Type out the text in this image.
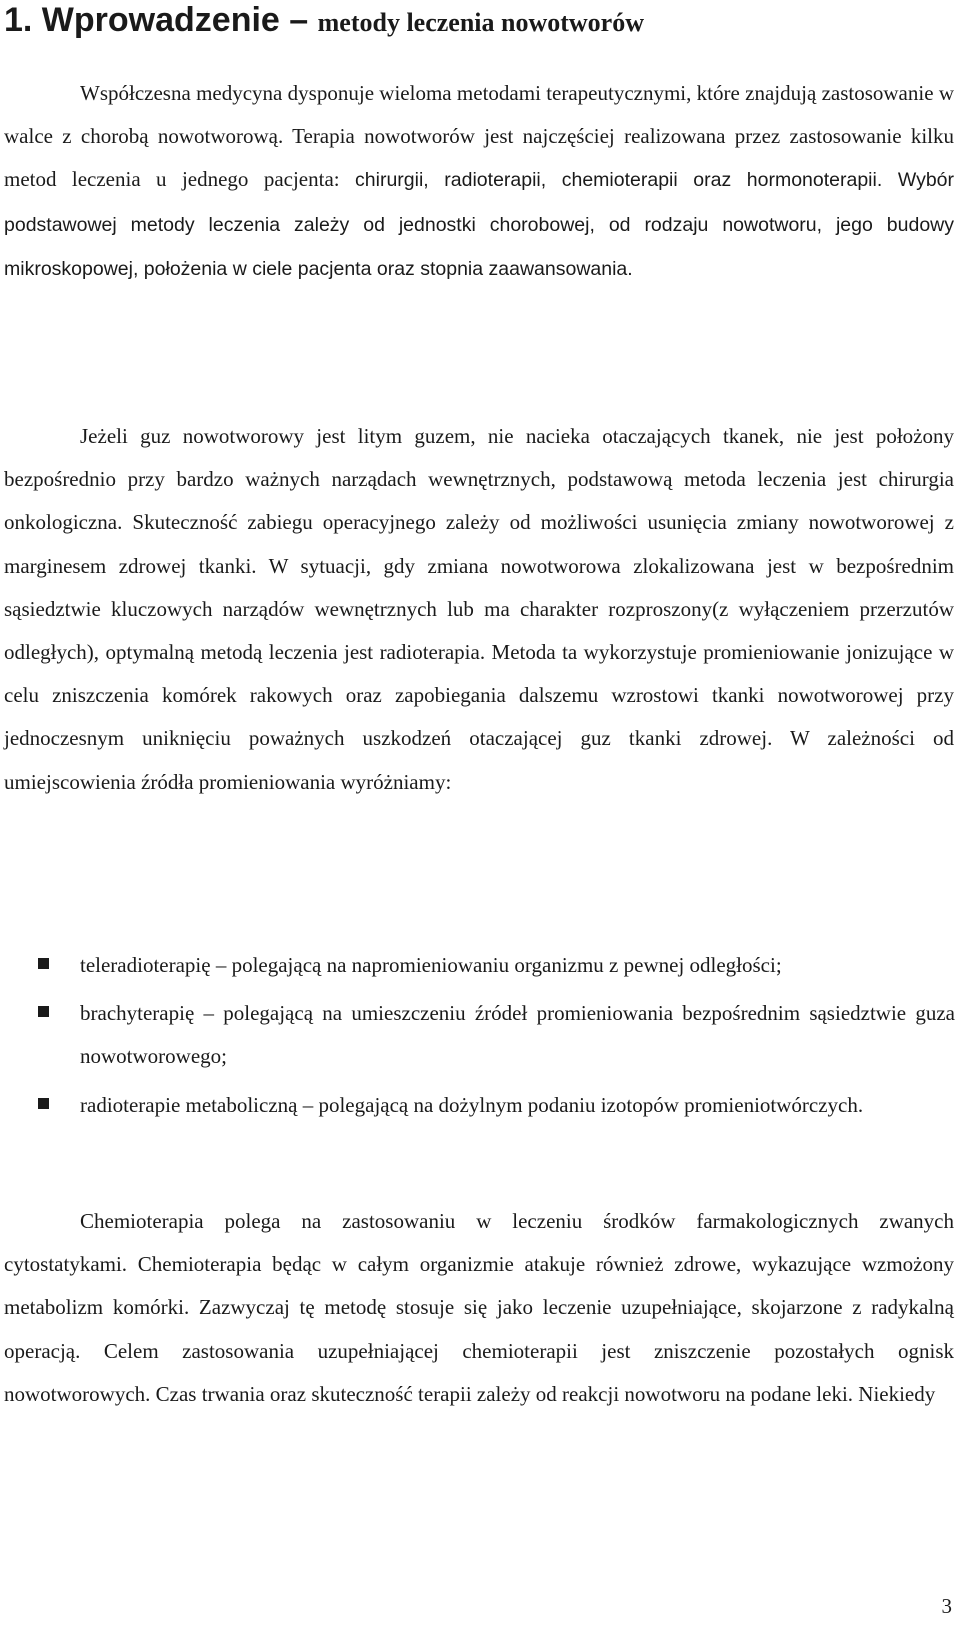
1. Wprowadzenie – metody leczenia nowotworów

Współczesna medycyna dysponuje wieloma metodami terapeutycznymi, które znajdują zastosowanie w walce z chorobą nowotworową. Terapia nowotworów jest najczęściej realizowana przez zastosowanie kilku metod leczenia u jednego pacjenta: chirurgii, radioterapii, chemioterapii oraz hormonoterapii. Wybór podstawowej metody leczenia zależy od jednostki chorobowej, od rodzaju nowotworu, jego budowy mikroskopowej, położenia w ciele pacjenta oraz stopnia zaawansowania.

Jeżeli guz nowotworowy jest litym guzem, nie nacieka otaczających tkanek, nie jest położony bezpośrednio przy bardzo ważnych narządach wewnętrznych, podstawową metoda leczenia jest chirurgia onkologiczna. Skuteczność zabiegu operacyjnego zależy od możliwości usunięcia zmiany nowotworowej z marginesem zdrowej tkanki. W sytuacji, gdy zmiana nowotworowa zlokalizowana jest w bezpośrednim sąsiedztwie kluczowych narządów wewnętrznych lub ma charakter rozproszony(z wyłączeniem przerzutów odległych), optymalną metodą leczenia jest radioterapia. Metoda ta wykorzystuje promieniowanie jonizujące w celu zniszczenia komórek rakowych oraz zapobiegania dalszemu wzrostowi tkanki nowotworowej przy jednoczesnym uniknięciu poważnych uszkodzeń otaczającej guz tkanki zdrowej. W zależności od umiejscowienia źródła promieniowania wyróżniamy:

teleradioterapię – polegającą na napromieniowaniu organizmu z pewnej odległości;
brachyterapię – polegającą na umieszczeniu źródeł promieniowania bezpośrednim sąsiedztwie guza nowotworowego;
radioterapie metaboliczną – polegającą na dożylnym podaniu izotopów promieniotwórczych.

Chemioterapia polega na zastosowaniu w leczeniu środków farmakologicznych zwanych cytostatykami. Chemioterapia będąc w całym organizmie atakuje również zdrowe, wykazujące wzmożony metabolizm komórki. Zazwyczaj tę metodę stosuje się jako leczenie uzupełniające, skojarzone z radykalną operacją. Celem zastosowania uzupełniającej chemioterapii jest zniszczenie pozostałych ognisk nowotworowych. Czas trwania oraz skuteczność terapii zależy od reakcji nowotworu na podane leki. Niekiedy

3
